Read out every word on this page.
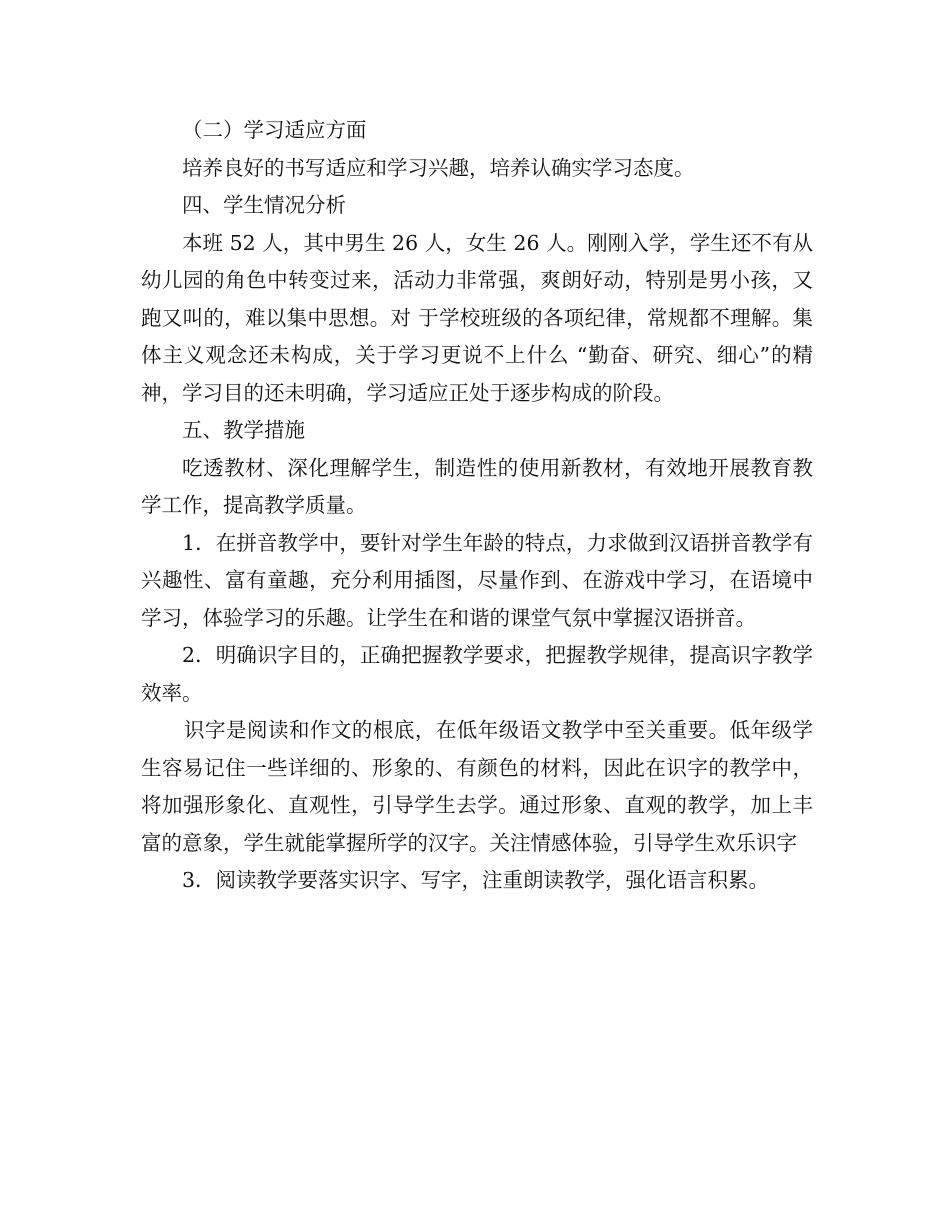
（二）学习适应方面

培养良好的书写适应和学习兴趣，培养认确实学习态度。

四、学生情况分析

本班 52 人，其中男生 26 人，女生 26 人。刚刚入学，学生还不有从幼儿园的角色中转变过来，活动力非常强，爽朗好动，特别是男小孩，又跑又叫的，难以集中思想。对 于学校班级的各项纪律，常规都不理解。集体主义观念还未构成，关于学习更说不上什么 “勤奋、研究、细心”的精神，学习目的还未明确，学习适应正处于逐步构成的阶段。

五、教学措施

吃透教材、深化理解学生，制造性的使用新教材，有效地开展教育教学工作，提高教学质量。

1．在拼音教学中，要针对学生年龄的特点，力求做到汉语拼音教学有兴趣性、富有童趣，充分利用插图，尽量作到、在游戏中学习，在语境中学习，体验学习的乐趣。让学生在和谐的课堂气氛中掌握汉语拼音。

2．明确识字目的，正确把握教学要求，把握教学规律，提高识字教学效率。

识字是阅读和作文的根底，在低年级语文教学中至关重要。低年级学生容易记住一些详细的、形象的、有颜色的材料，因此在识字的教学中，将加强形象化、直观性，引导学生去学。通过形象、直观的教学，加上丰富的意象，学生就能掌握所学的汉字。关注情感体验，引导学生欢乐识字

3．阅读教学要落实识字、写字，注重朗读教学，强化语言积累。
